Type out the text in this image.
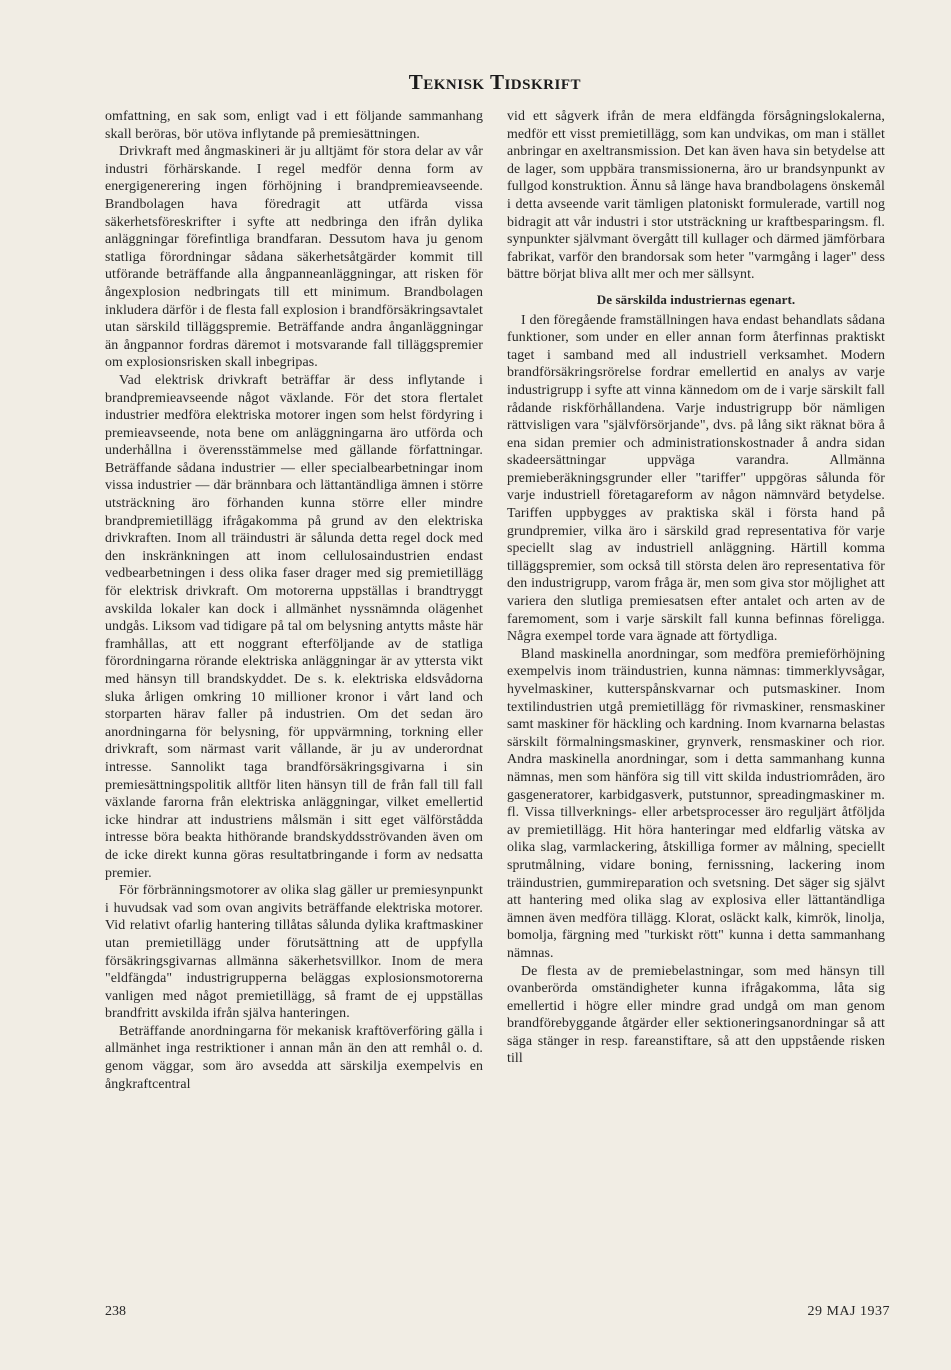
Teknisk Tidskrift

omfattning, en sak som, enligt vad i ett följande sammanhang skall beröras, bör utöva inflytande på premiesättningen.

Drivkraft med ångmaskineri är ju alltjämt för stora delar av vår industri förhärskande. I regel medför denna form av energigenerering ingen förhöjning i brandpremieavseende. Brandbolagen hava föredragit att utfärda vissa säkerhetsföreskrifter i syfte att nedbringa den ifrån dylika anläggningar förefintliga brandfaran. Dessutom hava ju genom statliga förordningar sådana säkerhetsåtgärder kommit till utförande beträffande alla ångpanneanläggningar, att risken för ångexplosion nedbringats till ett minimum. Brandbolagen inkludera därför i de flesta fall explosion i brandförsäkringsavtalet utan särskild tilläggspremie. Beträffande andra ånganläggningar än ångpannor fordras däremot i motsvarande fall tilläggspremier om explosionsrisken skall inbegripas.

Vad elektrisk drivkraft beträffar är dess inflytande i brandpremieavseende något växlande. För det stora flertalet industrier medföra elektriska motorer ingen som helst fördyring i premieavseende, nota bene om anläggningarna äro utförda och underhållna i överensstämmelse med gällande författningar. Beträffande sådana industrier — eller specialbearbetningar inom vissa industrier — där brännbara och lättantändliga ämnen i större utsträckning äro förhanden kunna större eller mindre brandpremietillägg ifrågakomma på grund av den elektriska drivkraften. Inom all träindustri är sålunda detta regel dock med den inskränkningen att inom cellulosaindustrien endast vedbearbetningen i dess olika faser drager med sig premietillägg för elektrisk drivkraft. Om motorerna uppställas i brandtryggt avskilda lokaler kan dock i allmänhet nyssnämnda olägenhet undgås. Liksom vad tidigare på tal om belysning antytts måste här framhållas, att ett noggrant efterföljande av de statliga förordningarna rörande elektriska anläggningar är av yttersta vikt med hänsyn till brandskyddet. De s. k. elektriska eldsvådorna sluka årligen omkring 10 millioner kronor i vårt land och storparten härav faller på industrien. Om det sedan äro anordningarna för belysning, för uppvärmning, torkning eller drivkraft, som närmast varit vållande, är ju av underordnat intresse. Sannolikt taga brandförsäkringsgivarna i sin premiesättningspolitik alltför liten hänsyn till de från fall till fall växlande farorna från elektriska anläggningar, vilket emellertid icke hindrar att industriens målsmän i sitt eget välförstådda intresse böra beakta hithörande brandskyddsströvanden även om de icke direkt kunna göras resultatbringande i form av nedsatta premier.

För förbränningsmotorer av olika slag gäller ur premiesynpunkt i huvudsak vad som ovan angivits beträffande elektriska motorer. Vid relativt ofarlig hantering tillåtas sålunda dylika kraftmaskiner utan premietillägg under förutsättning att de uppfylla försäkringsgivarnas allmänna säkerhetsvillkor. Inom de mera "eldfängda" industrigrupperna beläggas explosionsmotorerna vanligen med något premietillägg, så framt de ej uppställas brandfritt avskilda ifrån själva hanteringen.

Beträffande anordningarna för mekanisk kraftöverföring gälla i allmänhet inga restriktioner i annan mån än den att remhål o. d. genom väggar, som äro avsedda att särskilja exempelvis en ångkraftcentral

vid ett sågverk ifrån de mera eldfängda försågningslokalerna, medför ett visst premietillägg, som kan undvikas, om man i stället anbringar en axeltransmission. Det kan även hava sin betydelse att de lager, som uppbära transmissionerna, äro ur brandsynpunkt av fullgod konstruktion. Ännu så länge hava brandbolagens önskemål i detta avseende varit tämligen platoniskt formulerade, vartill nog bidragit att vår industri i stor utsträckning ur kraftbesparingsm. fl. synpunkter självmant övergått till kullager och därmed jämförbara fabrikat, varför den brandorsak som heter "varmgång i lager" dess bättre börjat bliva allt mer och mer sällsynt.

De särskilda industriernas egenart.

I den föregående framställningen hava endast behandlats sådana funktioner, som under en eller annan form återfinnas praktiskt taget i samband med all industriell verksamhet. Modern brandförsäkringsrörelse fordrar emellertid en analys av varje industrigrupp i syfte att vinna kännedom om de i varje särskilt fall rådande riskförhållandena. Varje industrigrupp bör nämligen rättvisligen vara "självförsörjande", dvs. på lång sikt räknat böra å ena sidan premier och administrationskostnader å andra sidan skadeersättningar uppväga varandra. Allmänna premieberäkningsgrunder eller "tariffer" uppgöras sålunda för varje industriell företagareform av någon nämnvärd betydelse. Tariffen uppbygges av praktiska skäl i första hand på grundpremier, vilka äro i särskild grad representativa för varje speciellt slag av industriell anläggning. Härtill komma tilläggspremier, som också till största delen äro representativa för den industrigrupp, varom fråga är, men som giva stor möjlighet att variera den slutliga premiesatsen efter antalet och arten av de faremoment, som i varje särskilt fall kunna befinnas föreligga. Några exempel torde vara ägnade att förtydliga.

Bland maskinella anordningar, som medföra premieförhöjning exempelvis inom träindustrien, kunna nämnas: timmerklyvsågar, hyvelmaskiner, kutterspånskvarnar och putsmaskiner. Inom textilindustrien utgå premietillägg för rivmaskiner, rensmaskiner samt maskiner för häckling och kardning. Inom kvarnarna belastas särskilt förmalningsmaskiner, grynverk, rensmaskiner och rior. Andra maskinella anordningar, som i detta sammanhang kunna nämnas, men som hänföra sig till vitt skilda industriområden, äro gasgeneratorer, karbidgasverk, putstunnor, spreadingmaskiner m. fl. Vissa tillverknings- eller arbetsprocesser äro reguljärt åtföljda av premietillägg. Hit höra hanteringar med eldfarlig vätska av olika slag, varmlackering, åtskilliga former av målning, speciellt sprutmålning, vidare boning, fernissning, lackering inom träindustrien, gummireparation och svetsning. Det säger sig självt att hantering med olika slag av explosiva eller lättantändliga ämnen även medföra tillägg. Klorat, osläckt kalk, kimrök, linolja, bomolja, färgning med "turkiskt rött" kunna i detta sammanhang nämnas.

De flesta av de premiebelastningar, som med hänsyn till ovanberörda omständigheter kunna ifrågakomma, låta sig emellertid i högre eller mindre grad undgå om man genom brandförebyggande åtgärder eller sektioneringsanordningar så att säga stänger in resp. fareanstiftare, så att den uppstående risken till

238	29 MAJ 1937
